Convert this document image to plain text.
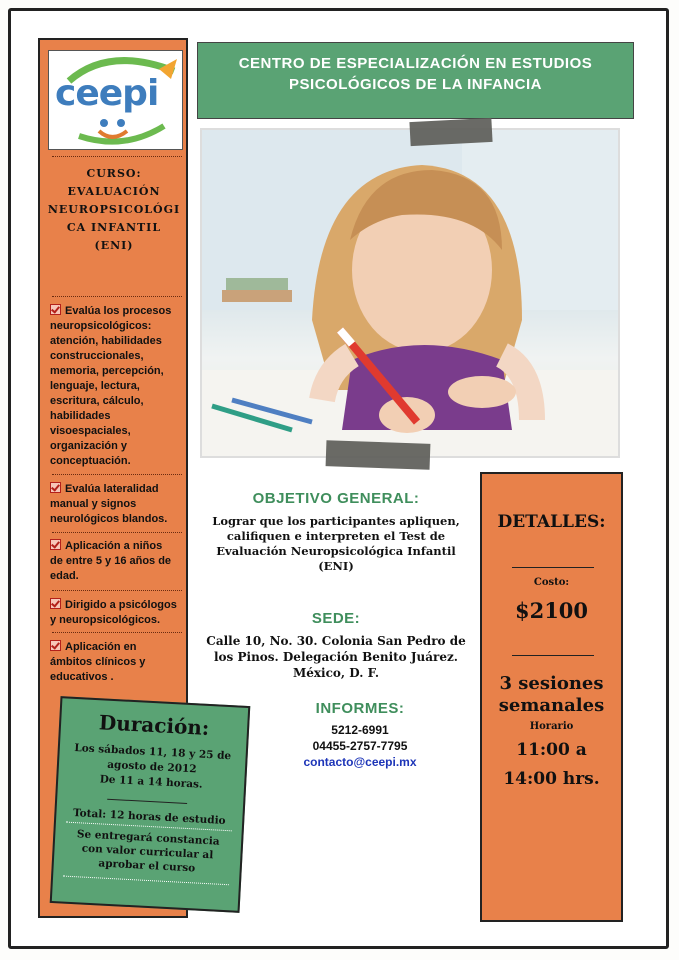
ceepi
CURSO:
EVALUACIÓN
NEUROPSICOLÓGI
CA INFANTIL
(ENI)
Evalúa los procesos
neuropsicológicos:
atención, habilidades
construccionales,
memoria, percepción,
lenguaje, lectura,
escritura, cálculo,
habilidades
visoespaciales,
organización y
conceptuación.
Evalúa lateralidad
manual y signos
neurológicos blandos.
Aplicación a niños
de entre 5 y 16 años de
edad.
Dirigido a psicólogos
y neuropsicológicos.
Aplicación en
ámbitos clínicos y
educativos .
CENTRO DE ESPECIALIZACIÓN EN ESTUDIOS
PSICOLÓGICOS DE LA INFANCIA
OBJETIVO GENERAL:
Lograr que los participantes apliquen,
califiquen e interpreten el Test de
Evaluación Neuropsicológica Infantil
(ENI)
SEDE:
Calle 10, No. 30. Colonia San Pedro de
los Pinos. Delegación Benito Juárez.
México, D. F.
INFORMES:
5212-6991
04455-2757-7795
contacto@ceepi.mx
DETALLES:
Costo:
$2100
3 sesiones
semanales
Horario
11:00 a
14:00 hrs.
Duración:
Los sábados 11, 18 y 25 de
agosto de 2012
De 11 a 14 horas.
Total: 12 horas de estudio
Se entregará constancia
con valor curricular al
aprobar el curso
